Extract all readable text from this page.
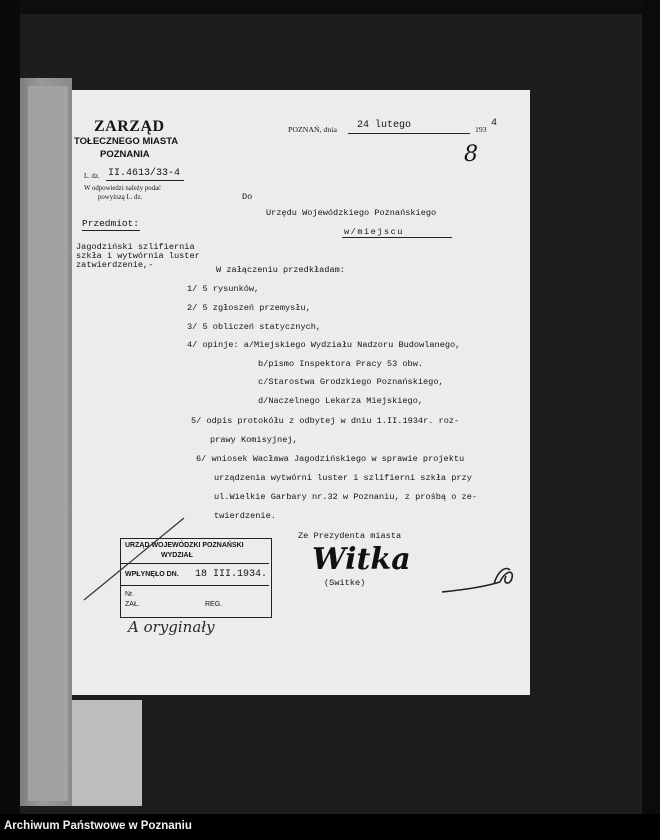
ZARZĄD
TOŁECZNEGO MIASTA
POZNANIA
L. dz. II.4613/33-4
W odpowiedzi należy podać
powyższą L. dz.
POZNAŃ, dnia 24 lutego	193
4
8
Do
Urzędu Wojewódzkiego Poznańskiego
w/miejscu
Przedmiot:
Jagodziński szlifiernia
szkła i wytwórnia luster
zatwierdzenie,-	W załączeniu przedkładam:
1/ 5 rysunków,
2/ 5 zgłoszeń przemysłu,
3/ 5 obliczeń statycznych,
4/ opinje: a/Miejskiego Wydziału Nadzoru Budowlanego,
b/pismo Inspektora Pracy 53 obw.
c/Starostwa Grodzkiego Poznańskiego,
d/Naczelnego Lekarza Miejskiego,
5/ odpis protokółu z odbytej w dniu 1.II.1934r. roz-
prawy Komisyjnej,
6/ wniosek Wacława Jagodzińskiego w sprawie projektu
urządzenia wytwórni luster i szlifierni szkła przy
ul.Wielkie Garbary nr.32 w Poznaniu, z prośbą o ze-
twierdzenie.
Ze Prezydenta miasta
Witka
(Switke)
URZĄD WOJEWÓDZKI POZNAŃSKI
WYDZIAŁ
WPŁYNĘŁO DN. 18 III.1934.
Nr.
ZAŁ.	REG.
A oryginały
Archiwum Państwowe w Poznaniu
